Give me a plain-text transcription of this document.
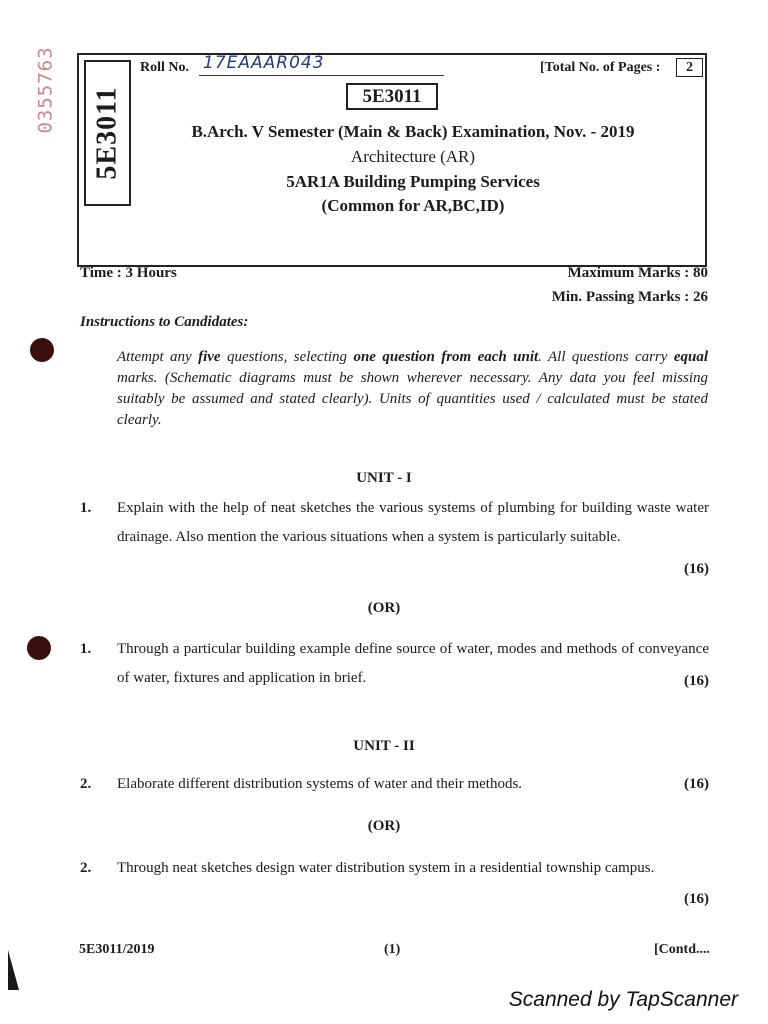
0355763 5E3011
Roll No. 17EAAAR043	[Total No. of Pages :	2
5E3011
B.Arch. V Semester (Main & Back) Examination, Nov. - 2019
Architecture (AR)
5AR1A Building Pumping Services
(Common for AR,BC,ID)
Time : 3 Hours	Maximum Marks : 80
Min. Passing Marks : 26
Instructions to Candidates:
Attempt any five questions, selecting one question from each unit. All questions carry equal marks. (Schematic diagrams must be shown wherever necessary. Any data you feel missing suitably be assumed and stated clearly). Units of quantities used / calculated must be stated clearly.
UNIT - I
1. Explain with the help of neat sketches the various systems of plumbing for building waste water drainage. Also mention the various situations when a system is particularly suitable.
(16)
(OR)
1. Through a particular building example define source of water, modes and methods of conveyance of water, fixtures and application in brief.	(16)
UNIT - II
2. Elaborate different distribution systems of water and their methods.	(16)
(OR)
2. Through neat sketches design water distribution system in a residential township campus.
(16)
5E3011/2019	(1)	[Contd....
Scanned by TapScanner
